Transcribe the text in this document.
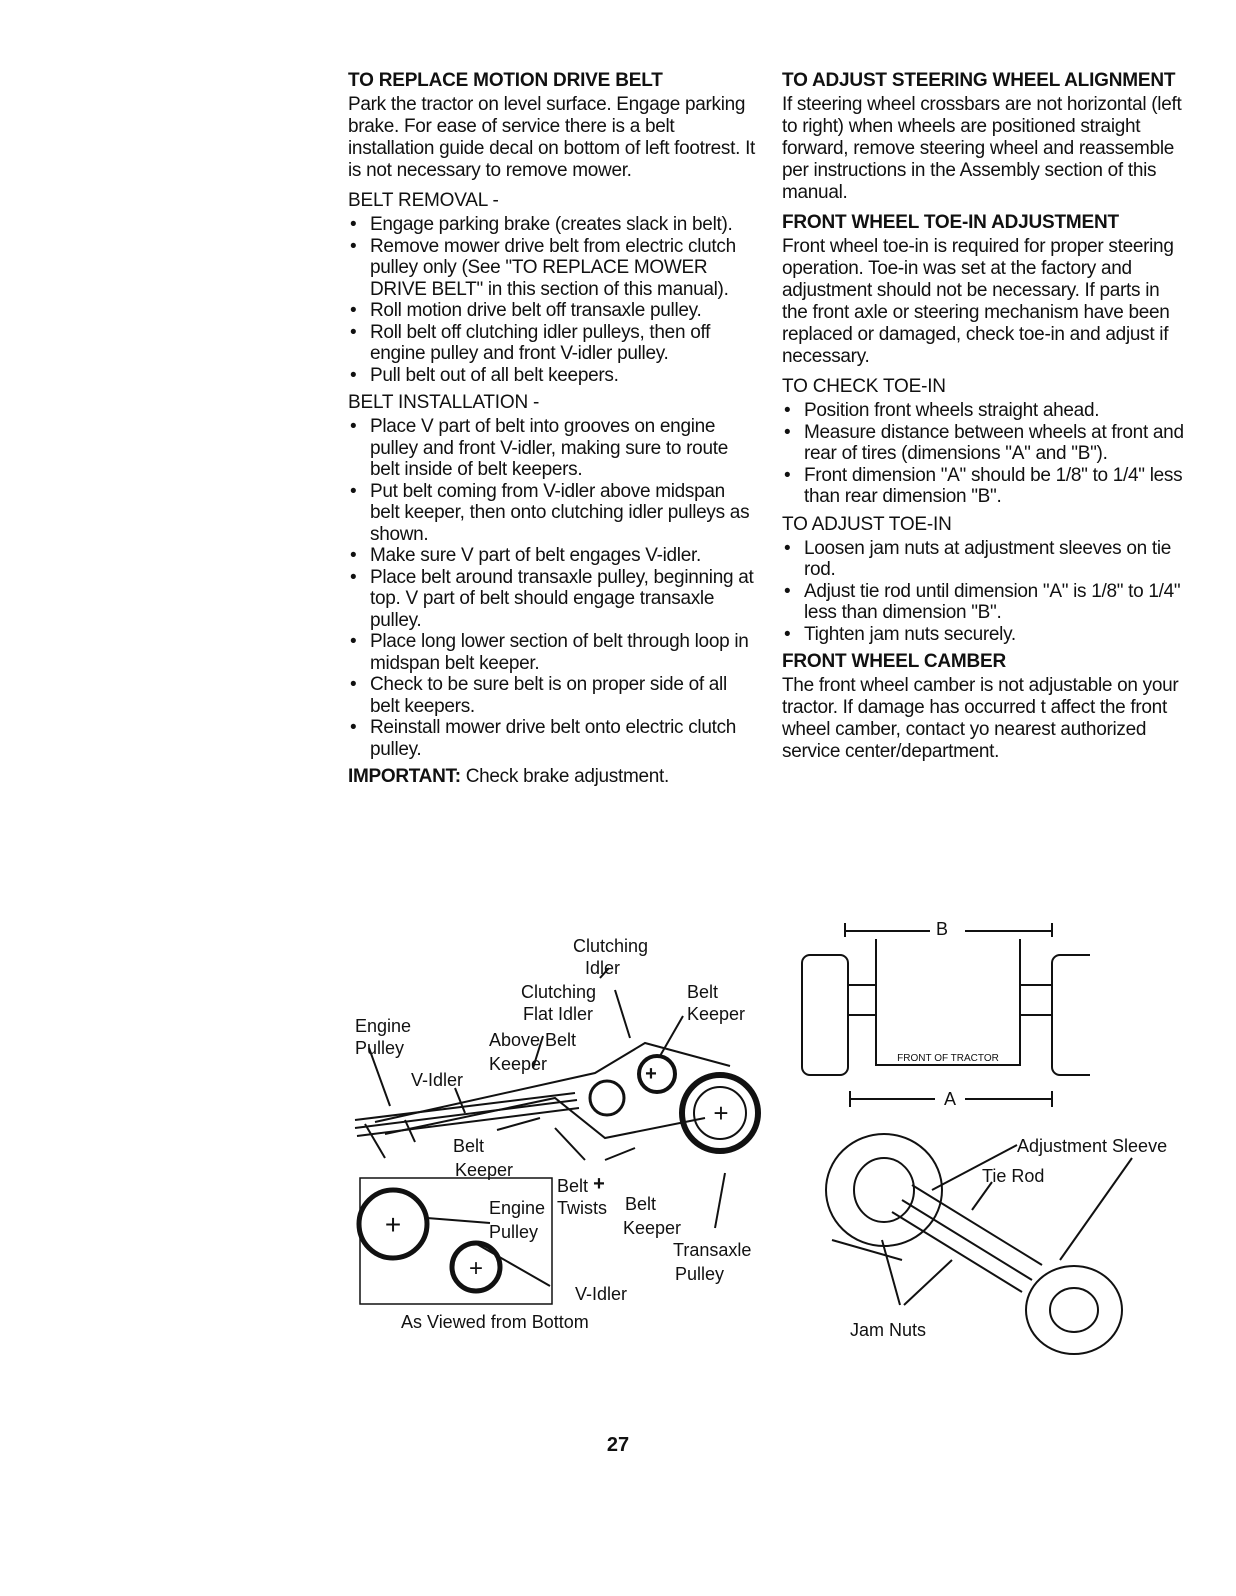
TO REPLACE MOTION DRIVE BELT

Park the tractor on level surface. Engage parking brake. For ease of service there is a belt installation guide decal on bottom of left footrest. It is not necessary to remove mower.

BELT REMOVAL -
• Engage parking brake (creates slack in belt).
• Remove mower drive belt from electric clutch pulley only (See "TO REPLACE MOWER DRIVE BELT" in this section of this manual).
• Roll motion drive belt off transaxle pulley.
• Roll belt off clutching idler pulleys, then off engine pulley and front V-idler pulley.
• Pull belt out of all belt keepers.
BELT INSTALLATION -
• Place V part of belt into grooves on engine pulley and front V-idler, making sure to route belt inside of belt keepers.
• Put belt coming from V-idler above midspan belt keeper, then onto clutching idler pulleys as shown.
• Make sure V part of belt engages V-idler.
• Place belt around transaxle pulley, beginning at top. V part of belt should engage transaxle pulley.
• Place long lower section of belt through loop in midspan belt keeper.
• Check to be sure belt is on proper side of all belt keepers.
• Reinstall mower drive belt onto electric clutch pulley.
IMPORTANT: Check brake adjustment.
TO ADJUST STEERING WHEEL ALIGNMENT

If steering wheel crossbars are not horizontal (left to right) when wheels are positioned straight forward, remove steering wheel and reassemble per instructions in the Assembly section of this manual.

FRONT WHEEL TOE-IN ADJUSTMENT

Front wheel toe-in is required for proper steering operation. Toe-in was set at the factory and adjustment should not be necessary. If parts in the front axle or steering mechanism have been replaced or damaged, check toe-in and adjust if necessary.

TO CHECK TOE-IN
• Position front wheels straight ahead.
• Measure distance between wheels at front and rear of tires (dimensions "A" and "B").
• Front dimension "A" should be 1/8" to 1/4" less than rear dimension "B".
TO ADJUST TOE-IN
• Loosen jam nuts at adjustment sleeves on tie rod.
• Adjust tie rod until dimension "A" is 1/8" to 1/4" less than dimension "B".
• Tighten jam nuts securely.
FRONT WHEEL CAMBER

The front wheel camber is not adjustable on your tractor. If damage has occurred t affect the front wheel camber, contact yo nearest authorized service center/department.

+
+
+
+
+
Clutching
Idler
Clutching
Flat Idler
Belt
Keeper
Engine
Pulley	Above Belt
Keeper
V-Idler
Belt
Keeper
Belt
Twists Belt
Keeper
Transaxle
Pulley
Engine
Pulley
V-Idler
As Viewed from Bottom
B
A
FRONT OF TRACTOR
Adjustment Sleeve
Tie Rod
Jam Nuts
27
